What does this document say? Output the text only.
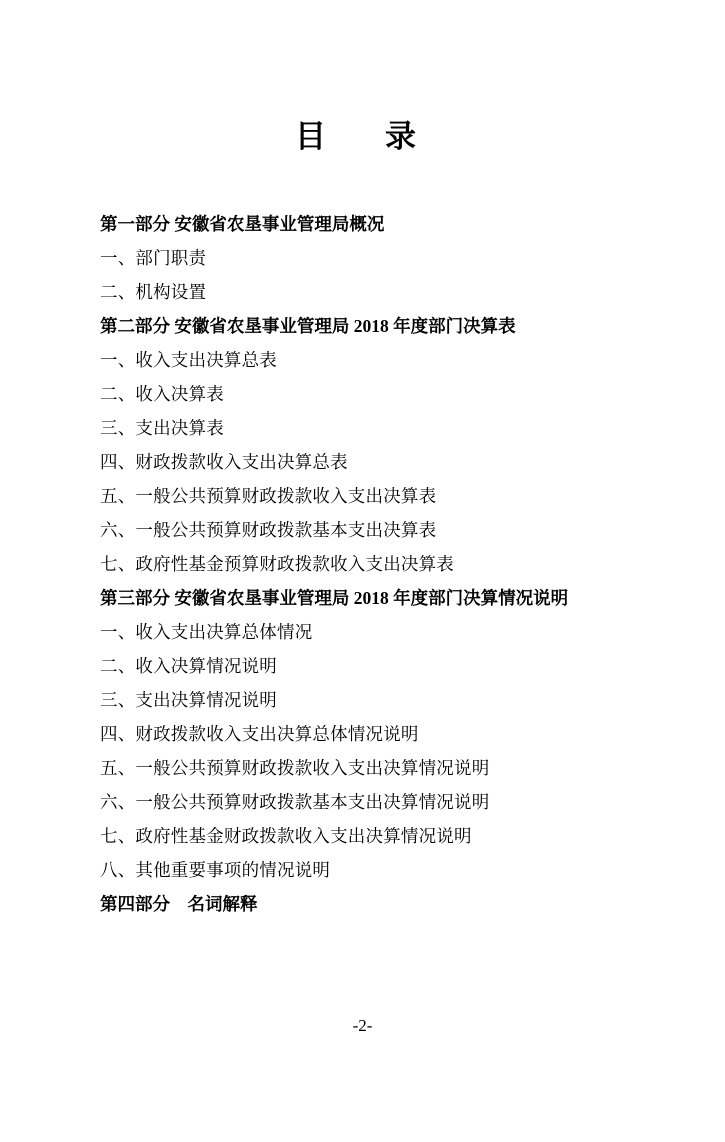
目　录
第一部分 安徽省农垦事业管理局概况
一、部门职责
二、机构设置
第二部分 安徽省农垦事业管理局 2018 年度部门决算表
一、收入支出决算总表
二、收入决算表
三、支出决算表
四、财政拨款收入支出决算总表
五、一般公共预算财政拨款收入支出决算表
六、一般公共预算财政拨款基本支出决算表
七、政府性基金预算财政拨款收入支出决算表
第三部分 安徽省农垦事业管理局 2018 年度部门决算情况说明
一、收入支出决算总体情况
二、收入决算情况说明
三、支出决算情况说明
四、财政拨款收入支出决算总体情况说明
五、一般公共预算财政拨款收入支出决算情况说明
六、一般公共预算财政拨款基本支出决算情况说明
七、政府性基金财政拨款收入支出决算情况说明
八、其他重要事项的情况说明
第四部分　名词解释
-2-
